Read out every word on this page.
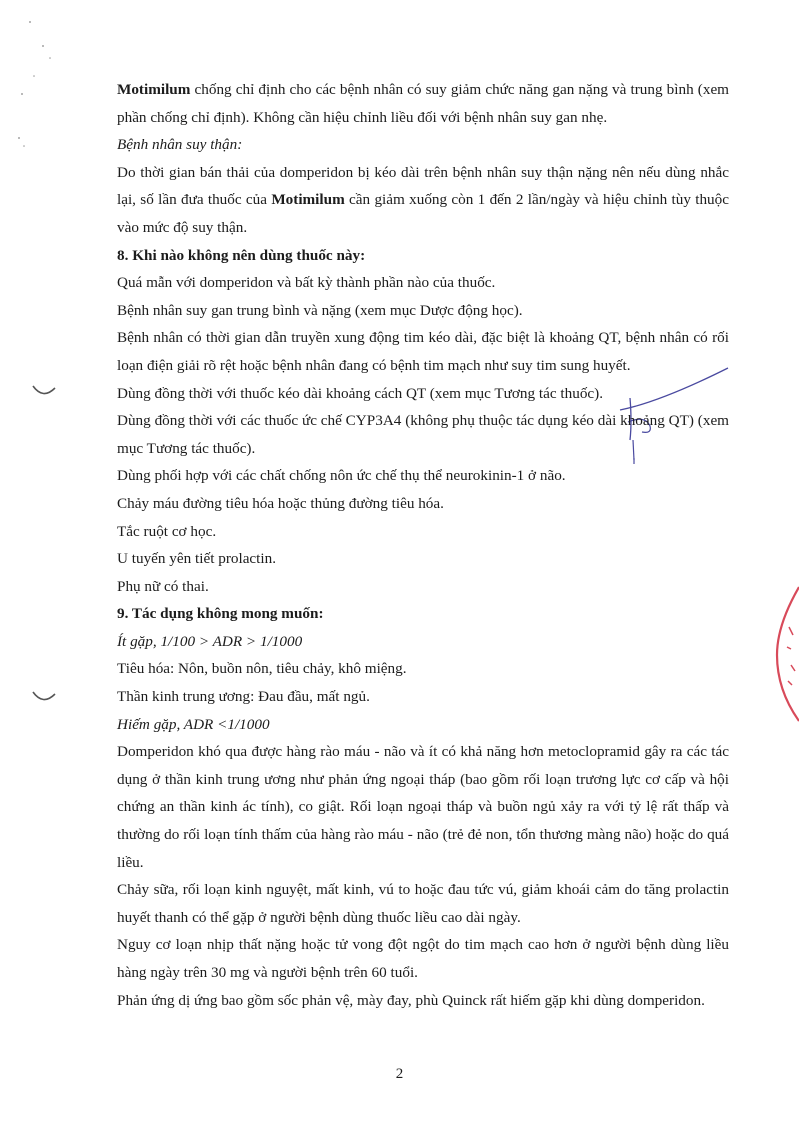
Motimilum chống chỉ định cho các bệnh nhân có suy giảm chức năng gan nặng và trung bình (xem phần chống chỉ định). Không cần hiệu chỉnh liều đối với bệnh nhân suy gan nhẹ.

Bệnh nhân suy thận:

Do thời gian bán thải của domperidon bị kéo dài trên bệnh nhân suy thận nặng nên nếu dùng nhắc lại, số lần đưa thuốc của Motimilum cần giảm xuống còn 1 đến 2 lần/ngày và hiệu chỉnh tùy thuộc vào mức độ suy thận.

8. Khi nào không nên dùng thuốc này:

Quá mẫn với domperidon và bất kỳ thành phần nào của thuốc.

Bệnh nhân suy gan trung bình và nặng (xem mục Dược động học).

Bệnh nhân có thời gian dẫn truyền xung động tim kéo dài, đặc biệt là khoảng QT, bệnh nhân có rối loạn điện giải rõ rệt hoặc bệnh nhân đang có bệnh tim mạch như suy tim sung huyết.

Dùng đồng thời với thuốc kéo dài khoảng cách QT (xem mục Tương tác thuốc).

Dùng đồng thời với các thuốc ức chế CYP3A4 (không phụ thuộc tác dụng kéo dài khoảng QT) (xem mục Tương tác thuốc).

Dùng phối hợp với các chất chống nôn ức chế thụ thể neurokinin-1 ở não.

Chảy máu đường tiêu hóa hoặc thủng đường tiêu hóa.

Tắc ruột cơ học.

U tuyến yên tiết prolactin.

Phụ nữ có thai.

9. Tác dụng không mong muốn:

Ít gặp, 1/100 > ADR > 1/1000

Tiêu hóa: Nôn, buồn nôn, tiêu chảy, khô miệng.

Thần kinh trung ương: Đau đầu, mất ngủ.

Hiếm gặp, ADR <1/1000

Domperidon khó qua được hàng rào máu - não và ít có khả năng hơn metoclopramid gây ra các tác dụng ở thần kinh trung ương như phản ứng ngoại tháp (bao gồm rối loạn trương lực cơ cấp và hội chứng an thần kinh ác tính), co giật. Rối loạn ngoại tháp và buồn ngủ xảy ra với tỷ lệ rất thấp và thường do rối loạn tính thấm của hàng rào máu - não (trẻ đẻ non, tổn thương màng não) hoặc do quá liều.

Chảy sữa, rối loạn kinh nguyệt, mất kinh, vú to hoặc đau tức vú, giảm khoái cảm do tăng prolactin huyết thanh có thể gặp ở người bệnh dùng thuốc liều cao dài ngày.

Nguy cơ loạn nhịp thất nặng hoặc tử vong đột ngột do tim mạch cao hơn ở người bệnh dùng liều hàng ngày trên 30 mg và người bệnh trên 60 tuổi.

Phản ứng dị ứng bao gồm sốc phản vệ, mày đay, phù Quinck rất hiếm gặp khi dùng domperidon.

2
